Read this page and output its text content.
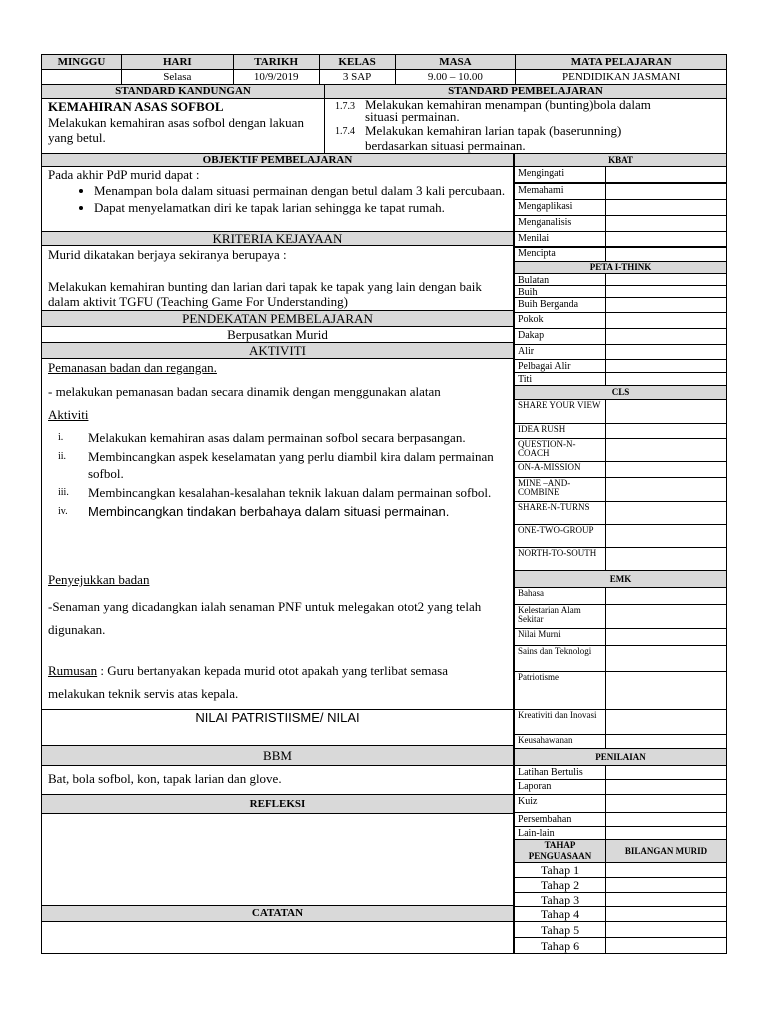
MINGGU	HARI	TARIKH	KELAS	MASA	MATA PELAJARAN
	Selasa	10/9/2019	3 SAP	9.00 – 10.00	PENDIDIKAN JASMANI
STANDARD KANDUNGAN	STANDARD PEMBELAJARAN
KEMAHIRAN ASAS SOFBOL
Melakukan kemahiran asas sofbol dengan lakuan yang betul.
1.7.3 Melakukan kemahiran menampan (bunting)bola dalam situasi permainan.
1.7.4 Melakukan kemahiran larian tapak (baserunning) berdasarkan situasi permainan.
OBJEKTIF PEMBELAJARAN
Pada akhir PdP murid dapat :
• Menampan bola dalam situasi permainan dengan betul dalam 3 kali percubaan.
• Dapat menyelamatkan diri ke tapak larian sehingga ke tapat rumah.
KRITERIA KEJAYAAN
Murid dikatakan berjaya sekiranya berupaya :
Melakukan kemahiran bunting dan larian dari tapak ke tapak yang lain dengan baik dalam aktivit TGFU (Teaching Game For Understanding)
PENDEKATAN PEMBELAJARAN
Berpusatkan Murid
AKTIVITI
Pemanasan badan dan regangan.
- melakukan pemanasan badan secara dinamik dengan menggunakan alatan
Aktiviti
i. Melakukan kemahiran asas dalam permainan sofbol secara berpasangan.
ii. Membincangkan aspek keselamatan yang perlu diambil kira dalam permainan sofbol.
iii. Membincangkan kesalahan-kesalahan teknik lakuan dalam permainan sofbol.
iv. Membincangkan tindakan berbahaya dalam situasi permainan.
Penyejukkan badan
-Senaman yang dicadangkan ialah senaman PNF untuk melegakan otot2 yang telah digunakan.
Rumusan : Guru bertanyakan kepada murid otot apakah yang terlibat semasa melakukan teknik servis atas kepala.
NILAI PATRISTIISME/ NILAI
BBM
Bat, bola sofbol, kon, tapak larian dan glove.
REFLEKSI
CATATAN
KBAT
Mengingati
Memahami
Mengaplikasi
Menganalisis
Menilai
Mencipta
PETA I-THINK
Bulatan
Buih
Buih Berganda
Pokok
Dakap
Alir
Pelbagai Alir
Titi
CLS
SHARE YOUR VIEW
IDEA RUSH
QUESTION-N-COACH
ON-A-MISSION
MINE –AND-COMBINE
SHARE-N-TURNS
ONE-TWO-GROUP
NORTH-TO-SOUTH
EMK
Bahasa
Kelestarian Alam Sekitar
Nilai Murni
Sains dan Teknologi
Patriotisme
Kreativiti dan Inovasi
Keusahawanan
PENILAIAN
Latihan Bertulis
Laporan
Kuiz
Persembahan
Lain-lain
TAHAP PENGUASAAN	BILANGAN MURID
Tahap 1
Tahap 2
Tahap 3
Tahap 4
Tahap 5
Tahap 6
